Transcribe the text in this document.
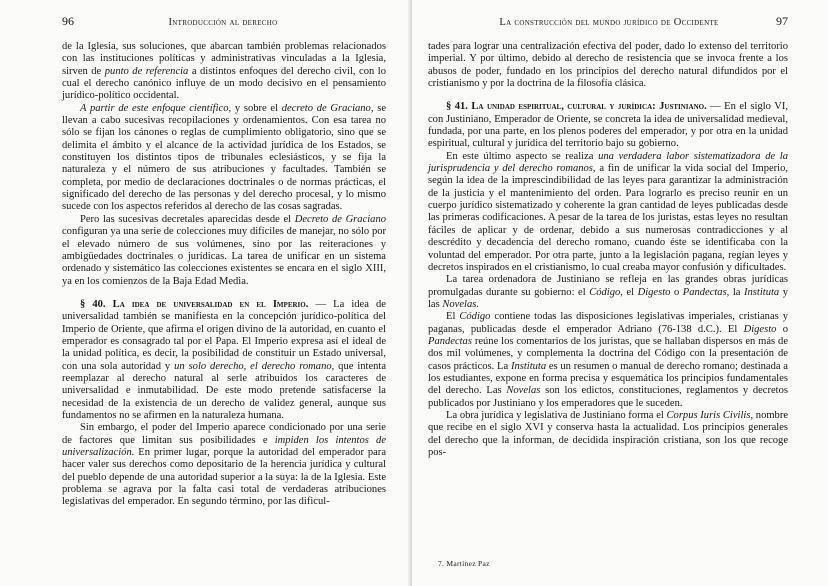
96	Introducción al derecho

de la Iglesia, sus soluciones, que abarcan también problemas relacionados con las instituciones políticas y administrativas vinculadas a la Iglesia, sirven de punto de referencia a distintos enfoques del derecho civil, con lo cual el derecho canónico influye de un modo decisivo en el pensamiento jurídico-político occidental.

A partir de este enfoque científico, y sobre el decreto de Graciano, se llevan a cabo sucesivas recopilaciones y ordenamientos. Con esa tarea no sólo se fijan los cánones o reglas de cumplimiento obligatorio, sino que se delimita el ámbito y el alcance de la actividad jurídica de los Estados, se constituyen los distintos tipos de tribunales eclesiásticos, y se fija la naturaleza y el número de sus atribuciones y facultades. También se completa, por medio de declaraciones doctrinales o de normas prácticas, el significado del derecho de las personas y del derecho procesal, y lo mismo sucede con los aspectos referidos al derecho de las cosas sagradas.

Pero las sucesivas decretales aparecidas desde el Decreto de Graciano configuran ya una serie de colecciones muy difíciles de manejar, no sólo por el elevado número de sus volúmenes, sino por las reiteraciones y ambigüedades doctrinales o jurídicas. La tarea de unificar en un sistema ordenado y sistemático las colecciones existentes se encara en el siglo XIII, ya en los comienzos de la Baja Edad Media.

§ 40. La idea de universalidad en el Imperio. — La idea de universalidad también se manifiesta en la concepción jurídico-política del Imperio de Oriente, que afirma el origen divino de la autoridad, en cuanto el emperador es consagrado tal por el Papa. El Imperio expresa así el ideal de la unidad política, es decir, la posibilidad de constituir un Estado universal, con una sola autoridad y un solo derecho, el derecho romano, que intenta reemplazar al derecho natural al serle atribuidos los caracteres de universalidad e inmutabilidad. De este modo pretende satisfacerse la necesidad de la existencia de un derecho de validez general, aunque sus fundamentos no se afirmen en la naturaleza humana.

Sin embargo, el poder del Imperio aparece condicionado por una serie de factores que limitan sus posibilidades e impiden los intentos de universalización. En primer lugar, porque la autoridad del emperador para hacer valer sus derechos como depositario de la herencia jurídica y cultural del pueblo depende de una autoridad superior a la suya: la de la Iglesia. Este problema se agrava por la falta casi total de verdaderas atribuciones legislativas del emperador. En segundo término, por las dificul-

La construcción del mundo jurídico de Occidente	97

tades para lograr una centralización efectiva del poder, dado lo extenso del territorio imperial. Y por último, debido al derecho de resistencia que se invoca frente a los abusos de poder, fundado en los principios del derecho natural difundidos por el cristianismo y por la doctrina de la filosofía clásica.

§ 41. La unidad espiritual, cultural y jurídica: Justiniano. — En el siglo VI, con Justiniano, Emperador de Oriente, se concreta la idea de universalidad medieval, fundada, por una parte, en los plenos poderes del emperador, y por otra en la unidad espiritual, cultural y jurídica del territorio bajo su gobierno.

En este último aspecto se realiza una verdadera labor sistematizadora de la jurisprudencia y del derecho romanos, a fin de unificar la vida social del Imperio, según la idea de la imprescindibilidad de las leyes para garantizar la administración de la justicia y el mantenimiento del orden. Para lograrlo es preciso reunir en un cuerpo jurídico sistematizado y coherente la gran cantidad de leyes publicadas desde las primeras codificaciones. A pesar de la tarea de los juristas, estas leyes no resultan fáciles de aplicar y de ordenar, debido a sus numerosas contradicciones y al descrédito y decadencia del derecho romano, cuando éste se identificaba con la voluntad del emperador. Por otra parte, junto a la legislación pagana, regían leyes y decretos inspirados en el cristianismo, lo cual creaba mayor confusión y dificultades.

La tarea ordenadora de Justiniano se refleja en las grandes obras jurídicas promulgadas durante su gobierno: el Código, el Digesto o Pandectas, la Instituta y las Novelas.

El Código contiene todas las disposiciones legislativas imperiales, cristianas y paganas, publicadas desde el emperador Adriano (76-138 d.C.). El Digesto o Pandectas reúne los comentarios de los juristas, que se hallaban dispersos en más de dos mil volúmenes, y complementa la doctrina del Código con la presentación de casos prácticos. La Instituta es un resumen o manual de derecho romano; destinada a los estudiantes, expone en forma precisa y esquemática los principios fundamentales del derecho. Las Novelas son los edictos, constituciones, reglamentos y decretos publicados por Justiniano y los emperadores que le suceden.

La obra jurídica y legislativa de Justiniano forma el Corpus Iuris Civilis, nombre que recibe en el siglo XVI y conserva hasta la actualidad. Los principios generales del derecho que la informan, de decidida inspiración cristiana, son los que recoge pos-

7. Martínez Paz
